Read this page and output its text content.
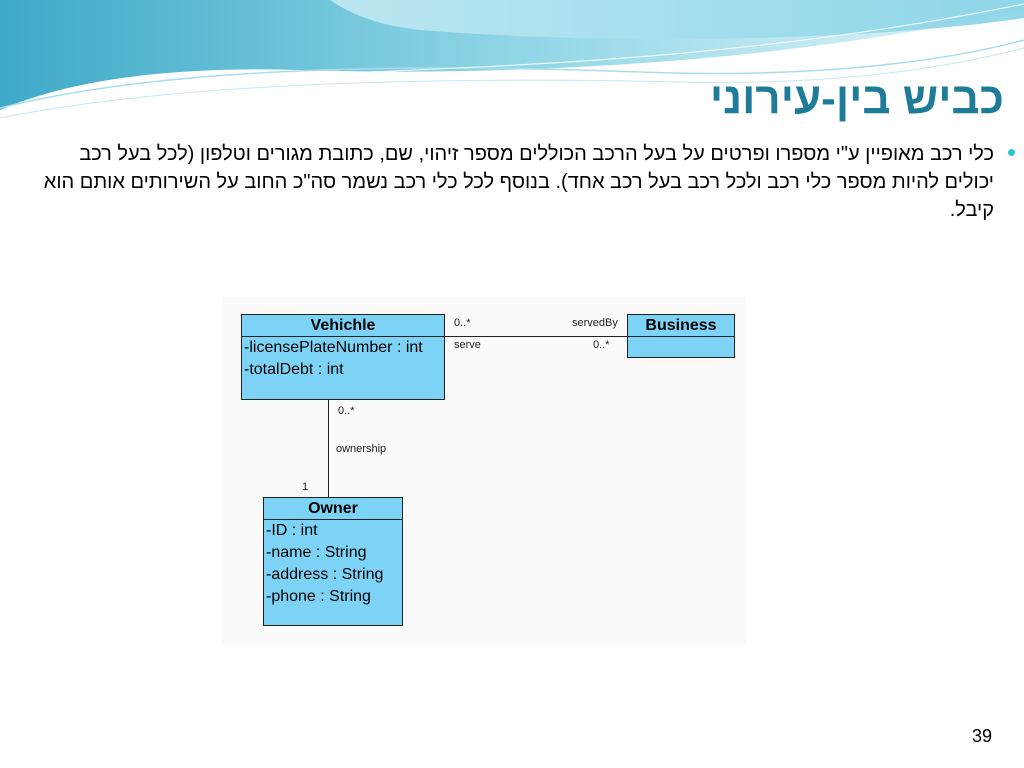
כביש בין-עירוני

כלי רכב מאופיין ע"י מספרו ופרטים על בעל הרכב הכוללים מספר זיהוי, שם, כתובת מגורים וטלפון (לכל בעל רכב יכולים להיות מספר כלי רכב ולכל רכב בעל רכב אחד). בנוסף לכל כלי רכב נשמר סה"כ החוב על השירותים אותם הוא קיבל.

0..*
serve
servedBy
0..*
0..*
ownership
1
Vehichle
-licensePlateNumber : int
-totalDebt : int
Business
Owner
-ID : int
-name : String
-address : String
-phone : String
39
